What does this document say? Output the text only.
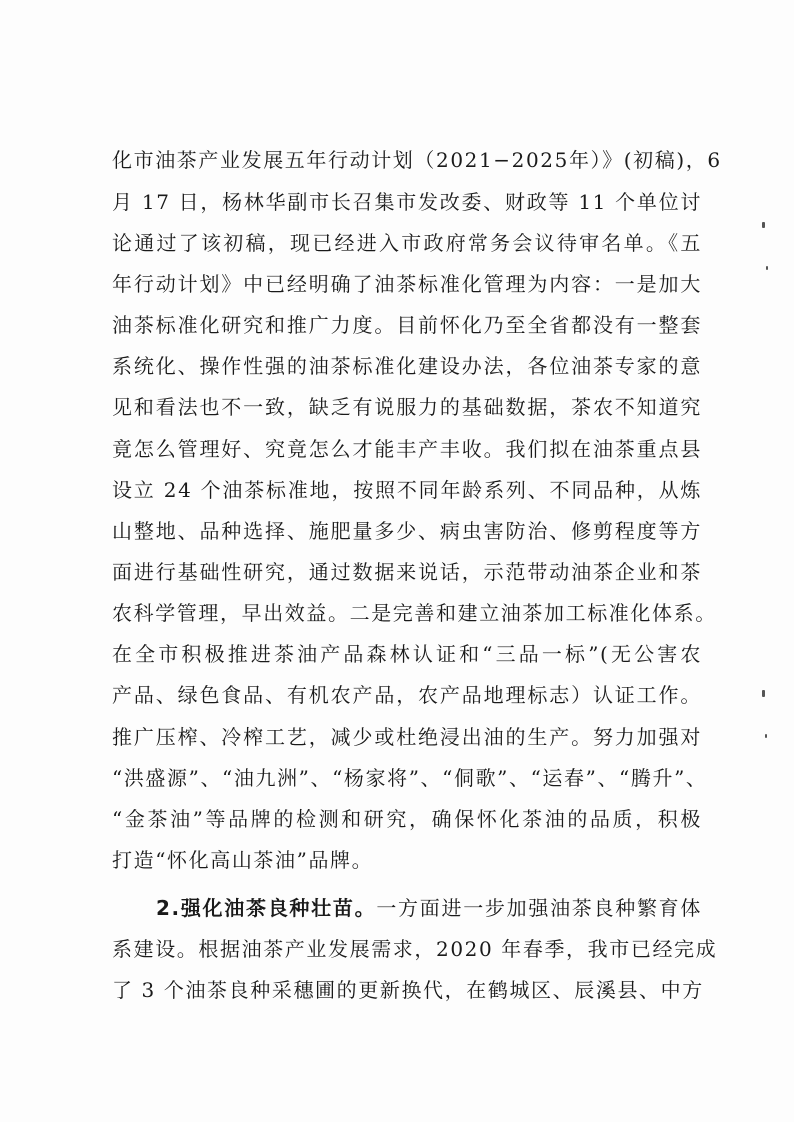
化市油茶产业发展五年行动计划（2021−2025年）》(初稿)，6
月 17 日，杨林华副市长召集市发改委、财政等 11 个单位讨
论通过了该初稿，现已经进入市政府常务会议待审名单。《五
年行动计划》中已经明确了油茶标准化管理为内容：一是加大
油茶标准化研究和推广力度。目前怀化乃至全省都没有一整套
系统化、操作性强的油茶标准化建设办法，各位油茶专家的意
见和看法也不一致，缺乏有说服力的基础数据，茶农不知道究
竟怎么管理好、究竟怎么才能丰产丰收。我们拟在油茶重点县
设立 24 个油茶标准地，按照不同年龄系列、不同品种，从炼
山整地、品种选择、施肥量多少、病虫害防治、修剪程度等方
面进行基础性研究，通过数据来说话，示范带动油茶企业和茶
农科学管理，早出效益。二是完善和建立油茶加工标准化体系。
在全市积极推进茶油产品森林认证和“三品一标”(无公害农
产品、绿色食品、有机农产品，农产品地理标志）认证工作。
推广压榨、冷榨工艺，减少或杜绝浸出油的生产。努力加强对
“洪盛源”、“油九洲”、“杨家将”、“侗歌”、“运春”、“腾升”、
“金茶油”等品牌的检测和研究，确保怀化茶油的品质，积极
打造“怀化高山茶油”品牌。
2.强化油茶良种壮苗。一方面进一步加强油茶良种繁育体
系建设。根据油茶产业发展需求，2020 年春季，我市已经完成
了 3 个油茶良种采穗圃的更新换代，在鹤城区、辰溪县、中方
